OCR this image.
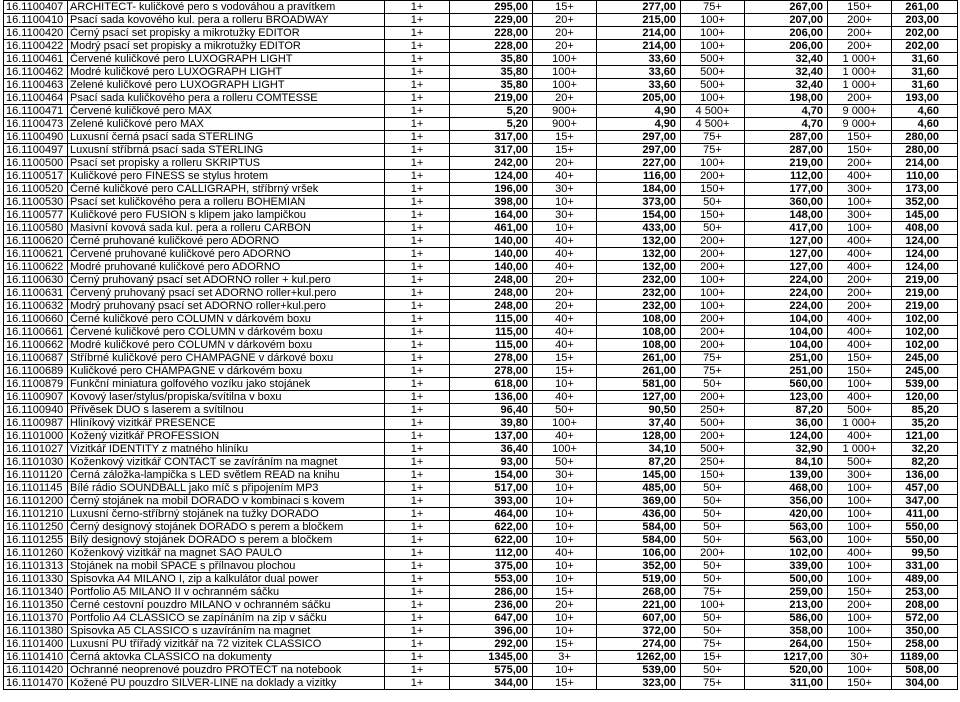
16.1100407	ARCHITECT- kuličkové pero s vodováhou a pravítkem	1+	295,00	15+	277,00	75+	267,00	150+	261,00
16.1100410	Psací sada kovového kul. pera a rolleru BROADWAY	1+	229,00	20+	215,00	100+	207,00	200+	203,00
16.1100420	Černý psací set propisky a mikrotužky EDITOR	1+	228,00	20+	214,00	100+	206,00	200+	202,00
16.1100422	Modrý psací set propisky a mikrotužky EDITOR	1+	228,00	20+	214,00	100+	206,00	200+	202,00
16.1100461	Červené kuličkové pero LUXOGRAPH LIGHT	1+	35,80	100+	33,60	500+	32,40	1 000+	31,60
16.1100462	Modré kuličkové pero LUXOGRAPH LIGHT	1+	35,80	100+	33,60	500+	32,40	1 000+	31,60
16.1100463	Zelené kuličkové pero LUXOGRAPH LIGHT	1+	35,80	100+	33,60	500+	32,40	1 000+	31,60
16.1100464	Psací sada kuličkového pera a rolleru COMTESSE	1+	219,00	20+	205,00	100+	198,00	200+	193,00
16.1100471	Červené kuličkové pero MAX	1+	5,20	900+	4,90	4 500+	4,70	9 000+	4,60
16.1100473	Zelené kuličkové pero MAX	1+	5,20	900+	4,90	4 500+	4,70	9 000+	4,60
16.1100490	Luxusní černá psací sada STERLING	1+	317,00	15+	297,00	75+	287,00	150+	280,00
16.1100497	Luxusní stříbrná psací sada STERLING	1+	317,00	15+	297,00	75+	287,00	150+	280,00
16.1100500	Psací set propisky a rolleru SKRIPTUS	1+	242,00	20+	227,00	100+	219,00	200+	214,00
16.1100517	Kuličkové pero FINESS se stylus hrotem	1+	124,00	40+	116,00	200+	112,00	400+	110,00
16.1100520	Černé kuličkové pero CALLIGRAPH, stříbrný vršek	1+	196,00	30+	184,00	150+	177,00	300+	173,00
16.1100530	Psací set kuličkového pera a rolleru BOHEMIAN	1+	398,00	10+	373,00	50+	360,00	100+	352,00
16.1100577	Kuličkové pero FUSION s klipem jako lampičkou	1+	164,00	30+	154,00	150+	148,00	300+	145,00
16.1100580	Masivní kovová sada kul. pera a rolleru CARBON	1+	461,00	10+	433,00	50+	417,00	100+	408,00
16.1100620	Černé pruhované kuličkové pero ADORNO	1+	140,00	40+	132,00	200+	127,00	400+	124,00
16.1100621	Červené pruhované kuličkové pero ADORNO	1+	140,00	40+	132,00	200+	127,00	400+	124,00
16.1100622	Modré pruhované kuličkové pero ADORNO	1+	140,00	40+	132,00	200+	127,00	400+	124,00
16.1100630	Černý pruhovaný psací set ADORNO roller + kul.pero	1+	248,00	20+	232,00	100+	224,00	200+	219,00
16.1100631	Červený pruhovaný psací set ADORNO roller+kul.pero	1+	248,00	20+	232,00	100+	224,00	200+	219,00
16.1100632	Modrý pruhovaný psací set ADORNO roller+kul.pero	1+	248,00	20+	232,00	100+	224,00	200+	219,00
16.1100660	Černé kuličkové pero COLUMN v dárkovém boxu	1+	115,00	40+	108,00	200+	104,00	400+	102,00
16.1100661	Červené kuličkové pero COLUMN v dárkovém boxu	1+	115,00	40+	108,00	200+	104,00	400+	102,00
16.1100662	Modré kuličkové pero COLUMN v dárkovém boxu	1+	115,00	40+	108,00	200+	104,00	400+	102,00
16.1100687	Stříbrné kuličkové pero CHAMPAGNE v dárkové boxu	1+	278,00	15+	261,00	75+	251,00	150+	245,00
16.1100689	Kuličkové pero CHAMPAGNE v dárkovém boxu	1+	278,00	15+	261,00	75+	251,00	150+	245,00
16.1100879	Funkční miniatura golfového vozíku jako stojánek	1+	618,00	10+	581,00	50+	560,00	100+	539,00
16.1100907	Kovový laser/stylus/propiska/svítilna v boxu	1+	136,00	40+	127,00	200+	123,00	400+	120,00
16.1100940	Přívěsek DUO s laserem a svítilnou	1+	96,40	50+	90,50	250+	87,20	500+	85,20
16.1100987	Hliníkový vizitkář PRESENCE	1+	39,80	100+	37,40	500+	36,00	1 000+	35,20
16.1101000	Kožený vizitkář PROFESSION	1+	137,00	40+	128,00	200+	124,00	400+	121,00
16.1101027	Vizitkář IDENTITY z matného hliníku	1+	36,40	100+	34,10	500+	32,90	1 000+	32,20
16.1101030	Koženkový vizitkář CONTACT se zavíráním na magnet	1+	93,00	50+	87,20	250+	84,10	500+	82,20
16.1101120	Černá záložka-lampička s LED světlem READ na knihu	1+	154,00	30+	145,00	150+	139,00	300+	136,00
16.1101145	Bílé rádio SOUNDBALL jako míč s připojením MP3	1+	517,00	10+	485,00	50+	468,00	100+	457,00
16.1101200	Černý stojánek na mobil DORADO v kombinaci s kovem	1+	393,00	10+	369,00	50+	356,00	100+	347,00
16.1101210	Luxusní černo-stříbrný stojánek na tužky DORADO	1+	464,00	10+	436,00	50+	420,00	100+	411,00
16.1101250	Černý designový stojánek DORADO s perem a bločkem	1+	622,00	10+	584,00	50+	563,00	100+	550,00
16.1101255	Bílý designový stojánek DORADO s perem a bločkem	1+	622,00	10+	584,00	50+	563,00	100+	550,00
16.1101260	Koženkový vizitkář na magnet SAO PAULO	1+	112,00	40+	106,00	200+	102,00	400+	99,50
16.1101313	Stojánek na mobil SPACE s přílnavou plochou	1+	375,00	10+	352,00	50+	339,00	100+	331,00
16.1101330	Spisovka A4 MILANO I, zip a kalkulátor dual power	1+	553,00	10+	519,00	50+	500,00	100+	489,00
16.1101340	Portfolio A5 MILANO II v ochranném sáčku	1+	286,00	15+	268,00	75+	259,00	150+	253,00
16.1101350	Černé cestovní pouzdro MILANO v ochranném sáčku	1+	236,00	20+	221,00	100+	213,00	200+	208,00
16.1101370	Portfolio A4 CLASSICO se zapínáním na zip v sáčku	1+	647,00	10+	607,00	50+	586,00	100+	572,00
16.1101380	Spisovka A5 CLASSICO s uzavíráním na magnet	1+	396,00	10+	372,00	50+	358,00	100+	350,00
16.1101400	Luxusní PU třířadý vizitkář na 72 vizitek CLASSICO	1+	292,00	15+	274,00	75+	264,00	150+	258,00
16.1101410	Černá aktovka CLASSICO na dokumenty	1+	1345,00	3+	1262,00	15+	1217,00	30+	1189,00
16.1101420	Ochranné neoprenové pouzdro PROTECT na notebook	1+	575,00	10+	539,00	50+	520,00	100+	508,00
16.1101470	Kožené PU pouzdro SILVER-LINE na doklady a vizitky	1+	344,00	15+	323,00	75+	311,00	150+	304,00
